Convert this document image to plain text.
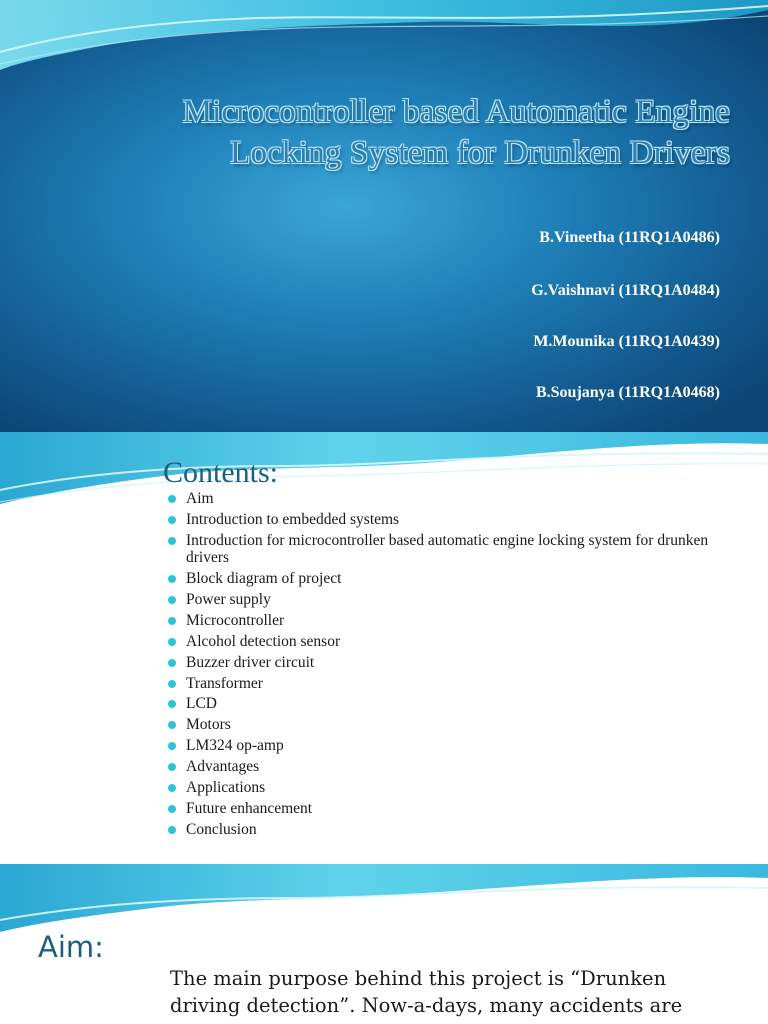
Microcontroller based Automatic Engine Locking System for Drunken Drivers
B.Vineetha (11RQ1A0486)
G.Vaishnavi (11RQ1A0484)
M.Mounika (11RQ1A0439)
B.Soujanya (11RQ1A0468)
Contents:
Aim
Introduction to embedded systems
Introduction for microcontroller based automatic engine locking system for drunken drivers
Block diagram of project
Power supply
Microcontroller
Alcohol detection sensor
Buzzer driver circuit
Transformer
LCD
Motors
LM324 op-amp
Advantages
Applications
Future enhancement
Conclusion
Aim:
The main purpose behind this project is “Drunken driving detection”. Now-a-days, many accidents are
